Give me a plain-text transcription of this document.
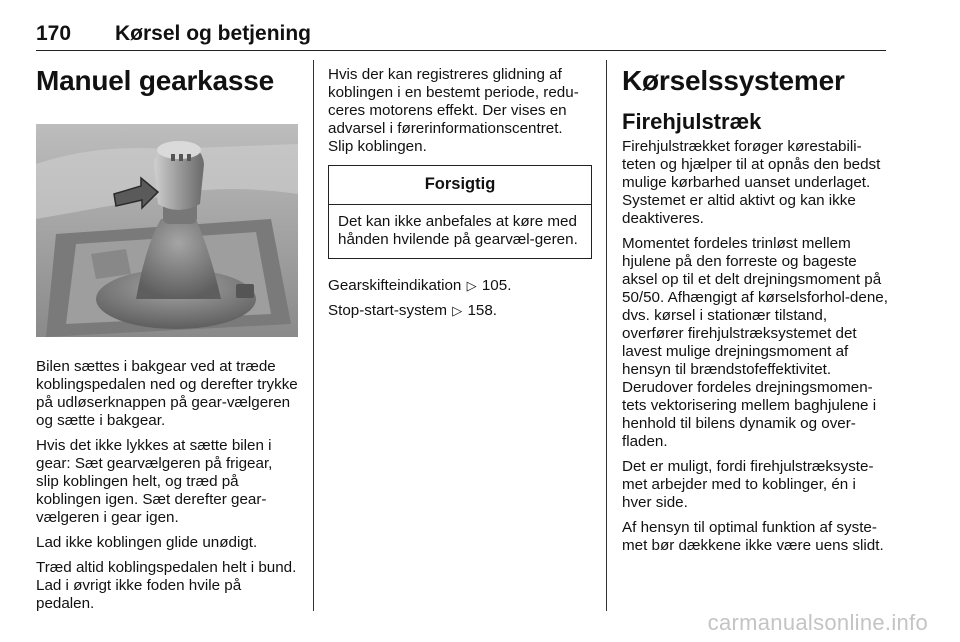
170 Kørsel og betjening
Manuel gearkasse

Bilen sættes i bakgear ved at træde koblingspedalen ned og derefter trykke på udløserknappen på gear-vælgeren og sætte i bakgear.

Hvis det ikke lykkes at sætte bilen i gear: Sæt gearvælgeren på frigear, slip koblingen helt, og træd på koblingen igen. Sæt derefter gear-vælgeren i gear igen.

Lad ikke koblingen glide unødigt.

Træd altid koblingspedalen helt i bund. Lad i øvrigt ikke foden hvile på pedalen.

Hvis der kan registreres glidning af koblingen i en bestemt periode, redu-ceres motorens effekt. Der vises en advarsel i førerinformationscentret. Slip koblingen.

Forsigtig

Det kan ikke anbefales at køre med hånden hvilende på gearvæl-geren.

Gearskifteindikation ▷ 105.

Stop-start-system ▷ 158.

Kørselssystemer
Firehjulstræk

Firehjulstrækket forøger kørestabili-teten og hjælper til at opnås den bedst mulige kørbarhed uanset underlaget. Systemet er altid aktivt og kan ikke deaktiveres.

Momentet fordeles trinløst mellem hjulene på den forreste og bageste aksel op til et delt drejningsmoment på 50/50. Afhængigt af kørselsforhol-dene, dvs. kørsel i stationær tilstand, overfører firehjulstræksystemet det lavest mulige drejningsmoment af hensyn til brændstofeffektivitet. Derudover fordeles drejningsmomen-tets vektorisering mellem baghjulene i henhold til bilens dynamik og over-fladen.

Det er muligt, fordi firehjulstræksyste-met arbejder med to koblinger, én i hver side.

Af hensyn til optimal funktion af syste-met bør dækkene ikke være uens slidt.

carmanualsonline.info
